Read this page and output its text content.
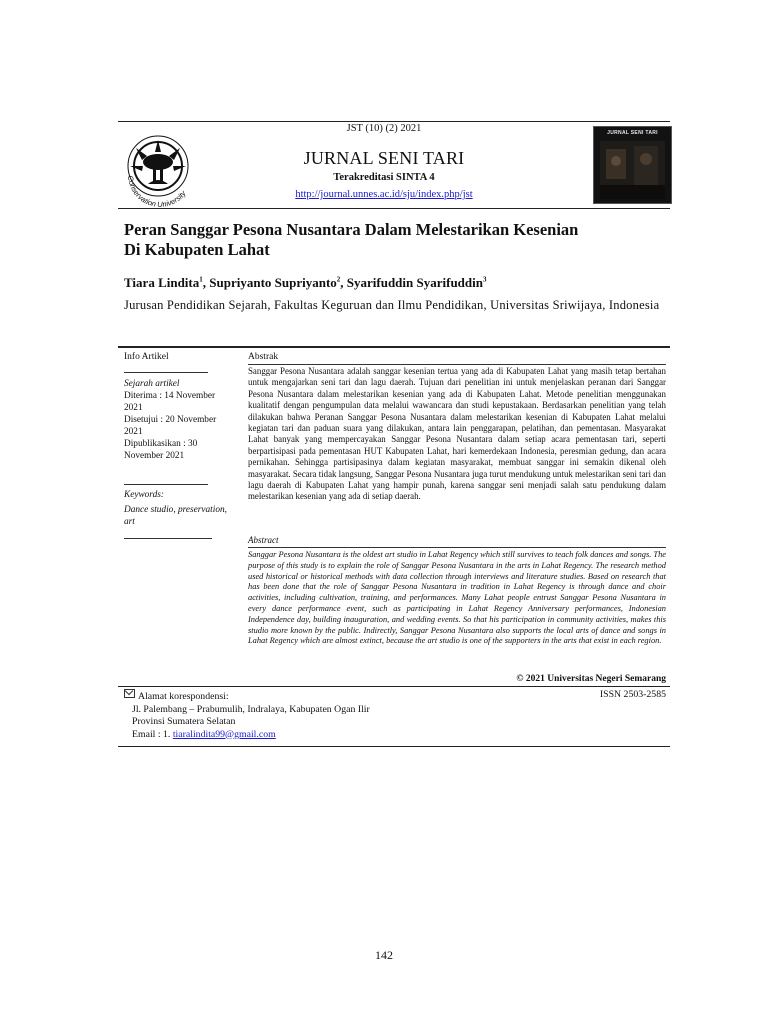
Conservation University
JURNAL SENI TARI
JST (10) (2) 2021
JURNAL SENI TARI
Terakreditasi SINTA 4
http://journal.unnes.ac.id/sju/index.php/jst
Peran Sanggar Pesona Nusantara Dalam Melestarikan Kesenian
Di Kabupaten Lahat
Tiara Lindita$^1$, Supriyanto Supriyanto$^2$, Syarifuddin Syarifuddin$^3$
Jurusan Pendidikan Sejarah, Fakultas Keguruan dan Ilmu Pendidikan, Universitas Sriwijaya, Indonesia
Info Artikel
Sejarah artikel
Diterima : 14 November 2021
Disetujui : 20 November 2021
Dipublikasikan : 30 November 2021
Keywords:
Dance studio, preservation, art
Abstrak
Sanggar Pesona Nusantara adalah sanggar kesenian tertua yang ada di Kabupaten Lahat yang masih tetap bertahan untuk mengajarkan seni tari dan lagu daerah. Tujuan dari penelitian ini untuk menjelaskan peranan dari Sanggar Pesona Nusantara dalam melestarikan kesenian yang ada di Kabupaten Lahat. Metode penelitian menggunakan kualitatif dengan pengumpulan data melalui wawancara dan studi kepustakaan. Berdasarkan penelitian yang telah dilakukan bahwa Peranan Sanggar Pesona Nusantara dalam melestarikan kesenian di Kabupaten Lahat melalui kegiatan tari dan paduan suara yang dilakukan, antara lain penggarapan, pelatihan, dan pementasan. Masyarakat Lahat banyak yang mempercayakan Sanggar Pesona Nusantara dalam setiap acara pementasan tari, seperti berpartisipasi pada pementasan HUT Kabupaten Lahat, hari kemerdekaan Indonesia, peresmian gedung, dan acara pernikahan. Sehingga partisipasinya dalam kegiatan masyarakat, membuat sanggar ini semakin dikenal oleh masyarakat. Secara tidak langsung, Sanggar Pesona Nusantara juga turut mendukung untuk melestarikan seni tari dan lagu daerah di Kabupaten Lahat yang hampir punah, karena sanggar seni menjadi salah satu pendukung dalam melestarikan kesenian yang ada di setiap daerah.
Abstract
Sanggar Pesona Nusantara is the oldest art studio in Lahat Regency which still survives to teach folk dances and songs. The purpose of this study is to explain the role of Sanggar Pesona Nusantara in the arts in Lahat Regency. The research method used historical or historical methods with data collection through interviews and literature studies. Based on research that has been done that the role of Sanggar Pesona Nusantara in tradition in Lahat Regency is through dance and choir activities, including cultivation, training, and performances. Many Lahat people entrust Sanggar Pesona Nusantara in every dance performance event, such as participating in Lahat Regency Anniversary performances, Indonesian Independence day, building inauguration, and wedding events. So that his participation in community activities, makes this studio more known by the public. Indirectly, Sanggar Pesona Nusantara also supports the local arts of dance and songs in Lahat Regency which are almost extinct, because the art studio is one of the supporters in the arts that exist in each region.
© 2021 Universitas Negeri Semarang
Alamat korespondensi:
Jl. Palembang – Prabumulih, Indralaya, Kabupaten Ogan Ilir
Provinsi Sumatera Selatan
Email : 1. tiaralindita99@gmail.com
ISSN 2503-2585
142
